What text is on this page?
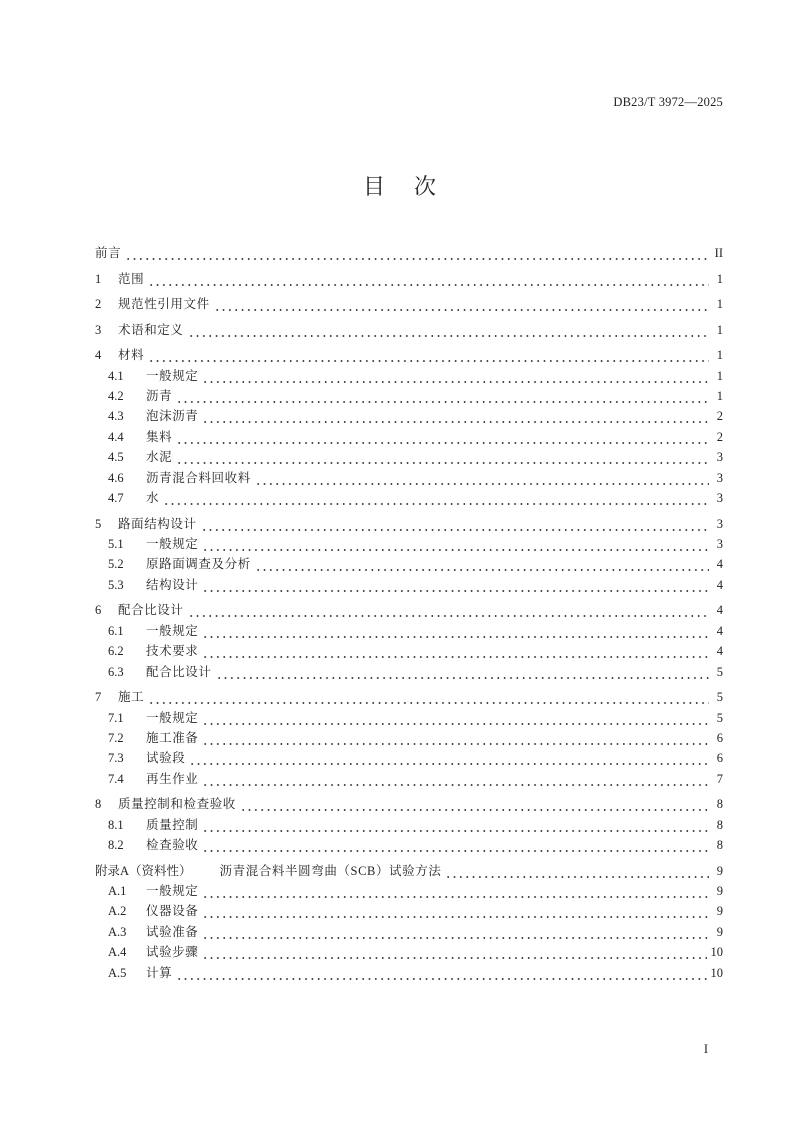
DB23/T 3972—2025
目 次
前言	II
1	范围	1
2	规范性引用文件	1
3	术语和定义	1
4	材料	1
4.1	一般规定	1
4.2	沥青	1
4.3	泡沫沥青	2
4.4	集料	2
4.5	水泥	3
4.6	沥青混合料回收料	3
4.7	水	3
5	路面结构设计	3
5.1	一般规定	3
5.2	原路面调查及分析	4
5.3	结构设计	4
6	配合比设计	4
6.1	一般规定	4
6.2	技术要求	4
6.3	配合比设计	5
7	施工	5
7.1	一般规定	5
7.2	施工准备	6
7.3	试验段	6
7.4	再生作业	7
8	质量控制和检查验收	8
8.1	质量控制	8
8.2	检查验收	8
附录A（资料性） 沥青混合料半圆弯曲（SCB）试验方法	9
A.1	一般规定	9
A.2	仪器设备	9
A.3	试验准备	9
A.4	试验步骤	10
A.5	计算	10
I
